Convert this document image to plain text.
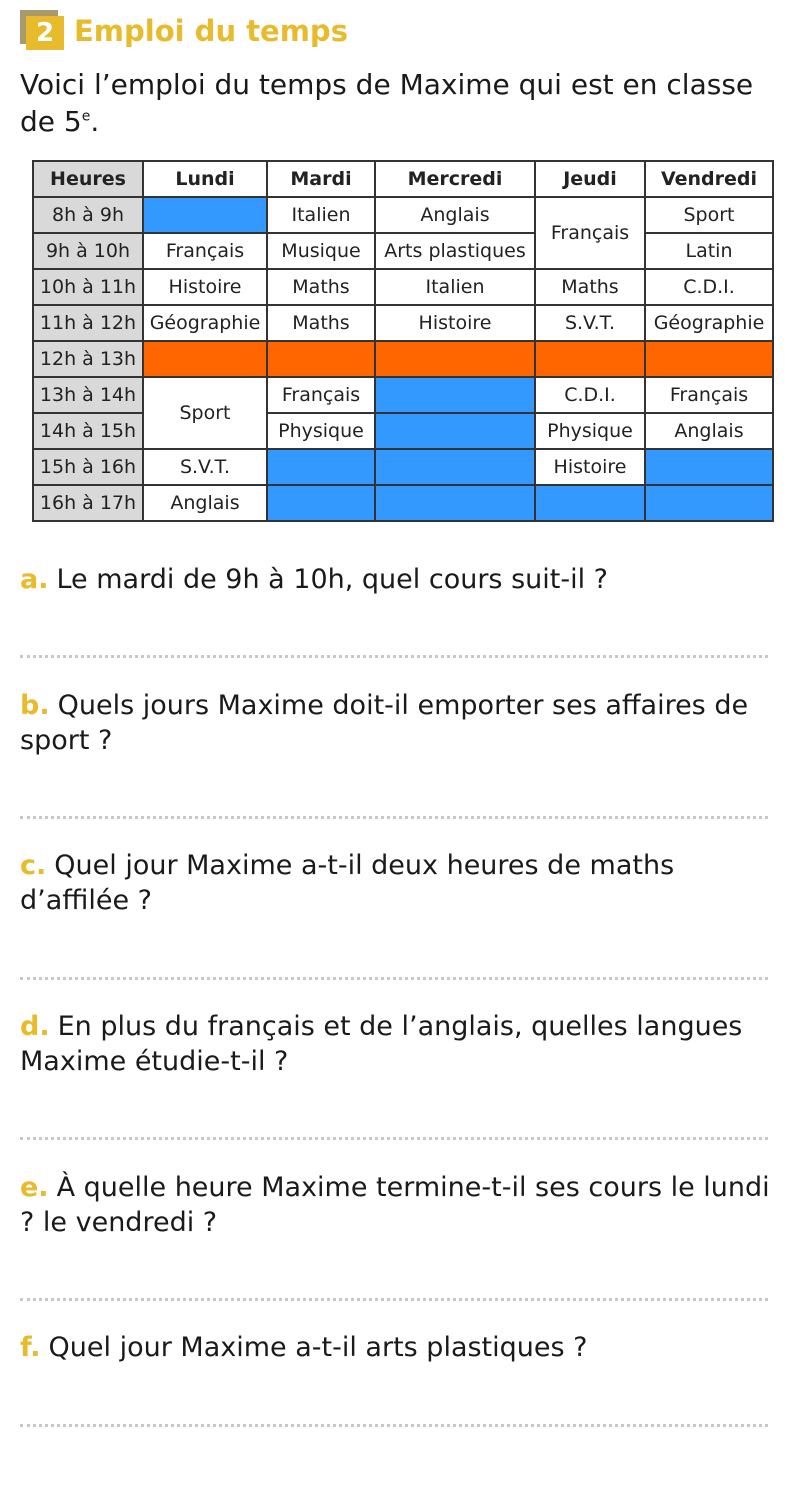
2 Emploi du temps
Voici l’emploi du temps de Maxime qui est en classe de 5e.
Heures	Lundi	Mardi	Mercredi	Jeudi	Vendredi
8h à 9h		Italien	Anglais	Français	Sport
9h à 10h	Français	Musique	Arts plastiques		Latin
10h à 11h	Histoire	Maths	Italien	Maths	C.D.I.
11h à 12h	Géographie	Maths	Histoire	S.V.T.	Géographie
12h à 13h					
13h à 14h	Sport	Français		C.D.I.	Français
14h à 15h		Physique		Physique	Anglais
15h à 16h	S.V.T.			Histoire	
16h à 17h	Anglais				
a. Le mardi de 9h à 10h, quel cours suit-il ?
b. Quels jours Maxime doit-il emporter ses affaires de sport ?
c. Quel jour Maxime a-t-il deux heures de maths d’affilée ?
d. En plus du français et de l’anglais, quelles langues Maxime étudie-t-il ?
e. À quelle heure Maxime termine-t-il ses cours le lundi ? le vendredi ?
f. Quel jour Maxime a-t-il arts plastiques ?
